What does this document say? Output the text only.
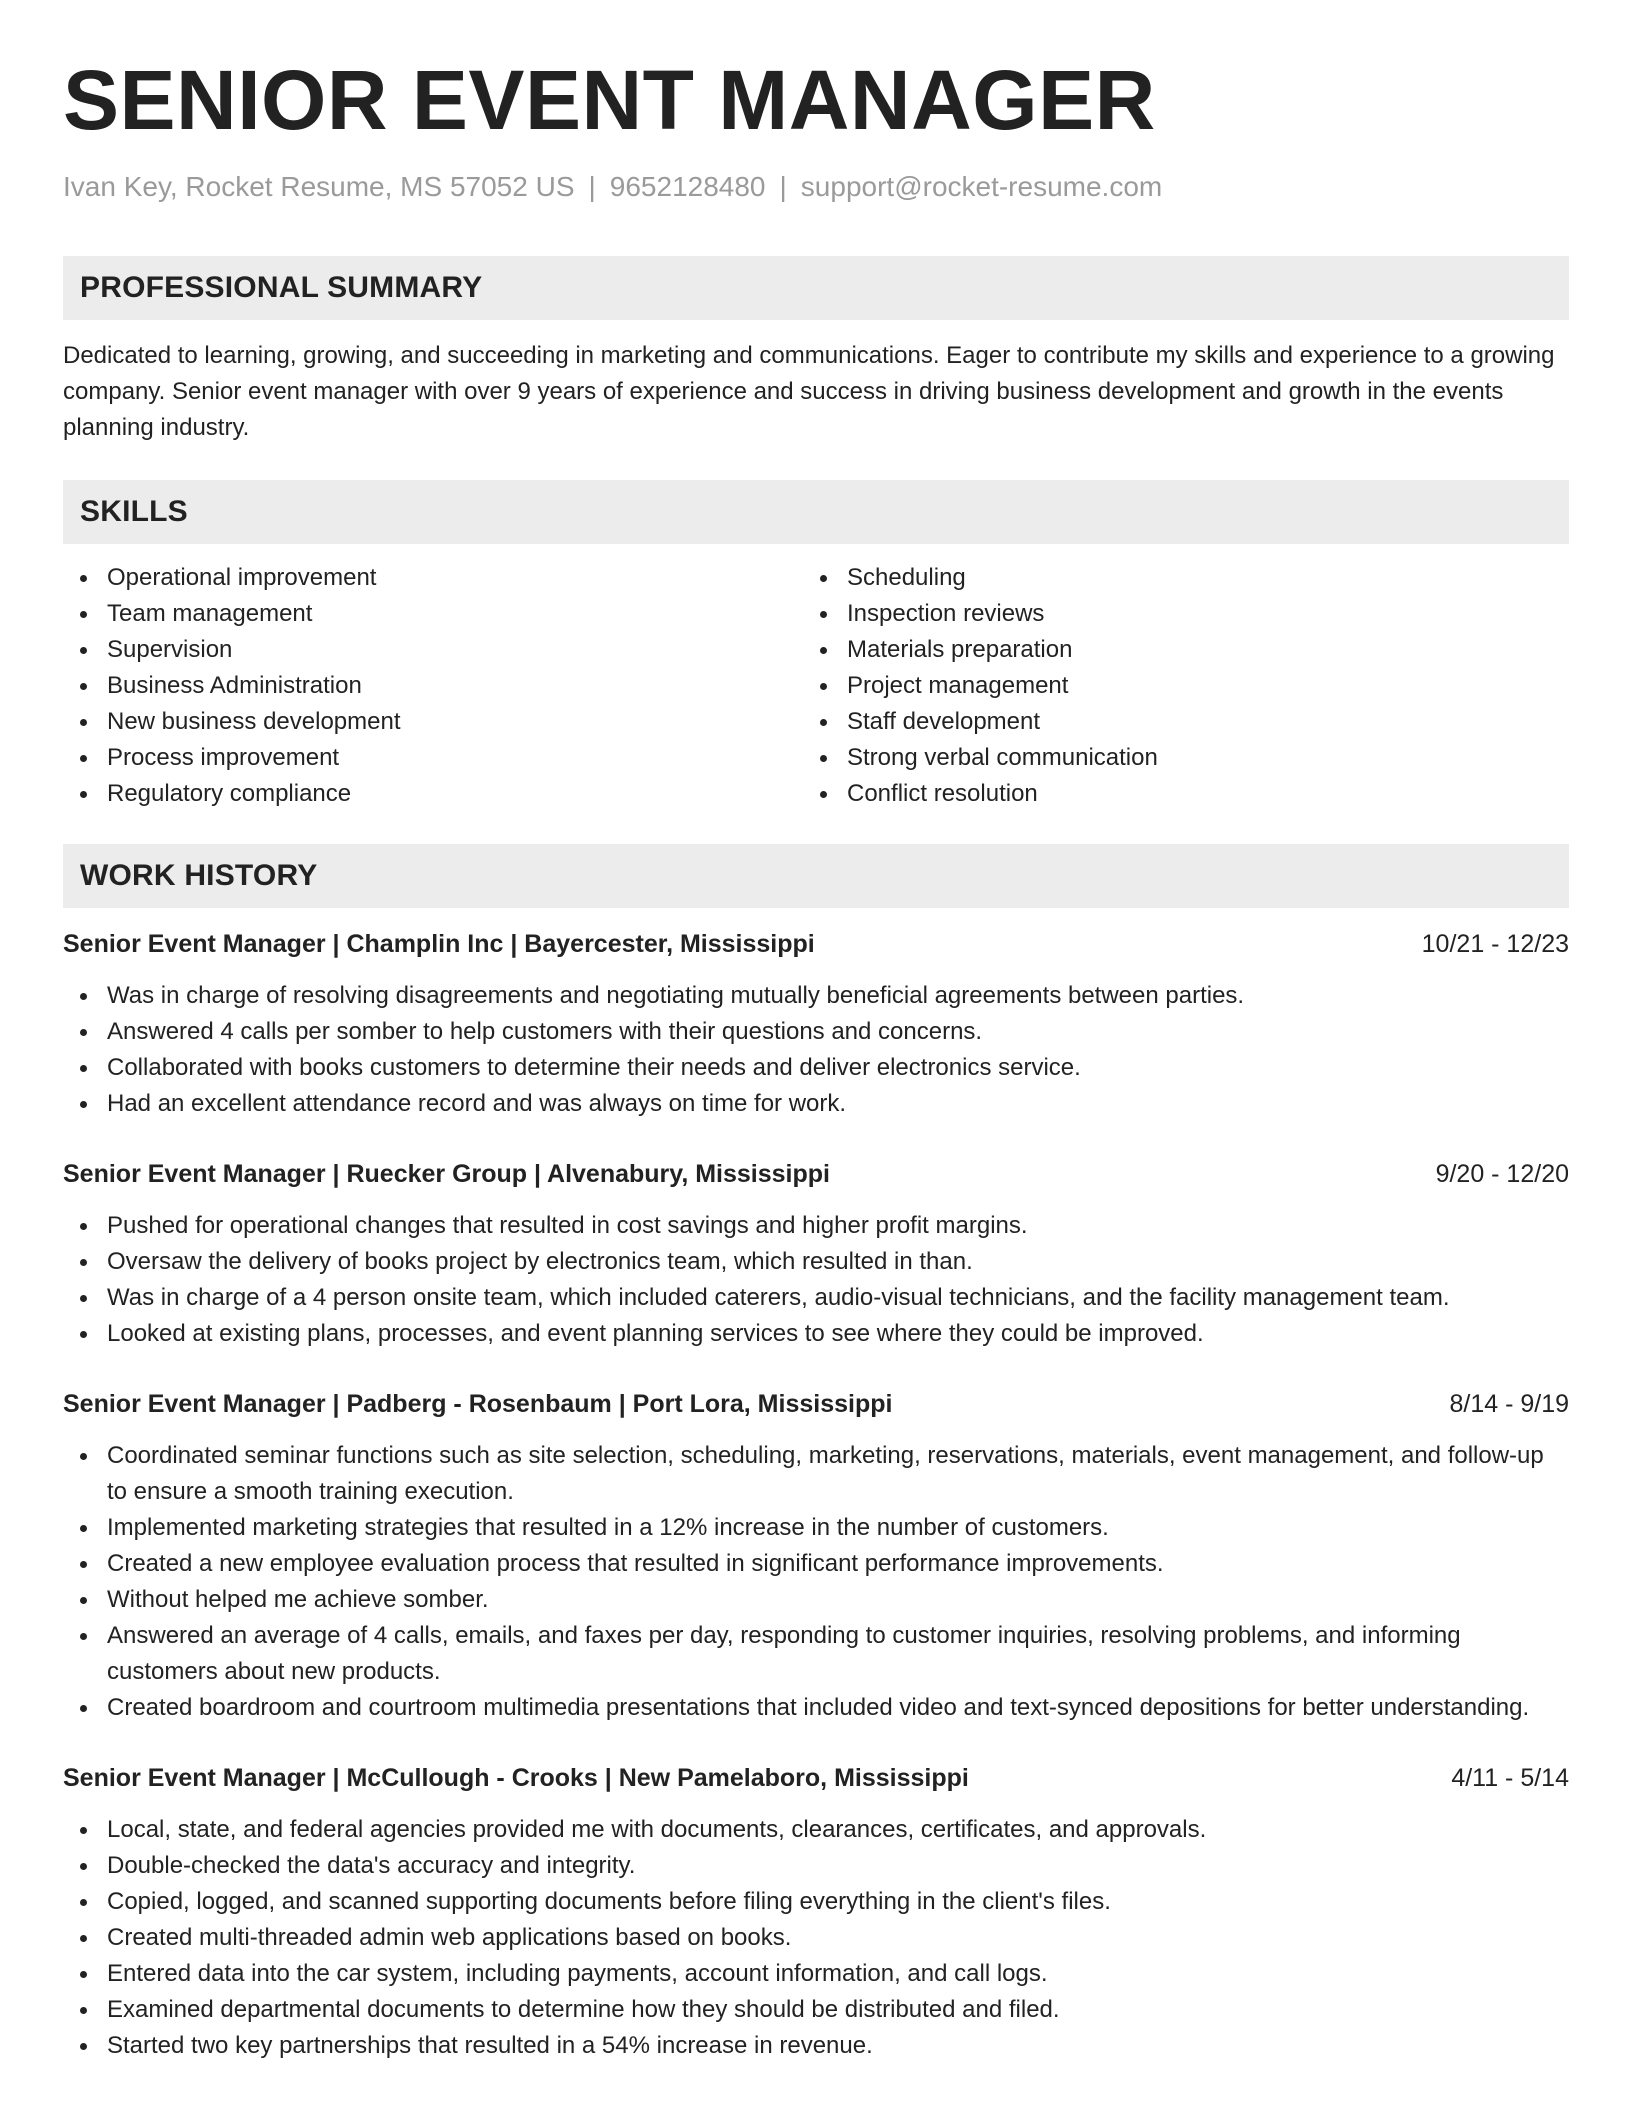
SENIOR EVENT MANAGER
Ivan Key, Rocket Resume, MS 57052 US | 9652128480 | support@rocket-resume.com
PROFESSIONAL SUMMARY
Dedicated to learning, growing, and succeeding in marketing and communications. Eager to contribute my skills and experience to a growing company. Senior event manager with over 9 years of experience and success in driving business development and growth in the events planning industry.
SKILLS
Operational improvement
Team management
Supervision
Business Administration
New business development
Process improvement
Regulatory compliance
Scheduling
Inspection reviews
Materials preparation
Project management
Staff development
Strong verbal communication
Conflict resolution
WORK HISTORY
Senior Event Manager | Champlin Inc | Bayercester, Mississippi	10/21 - 12/23
Was in charge of resolving disagreements and negotiating mutually beneficial agreements between parties.
Answered 4 calls per somber to help customers with their questions and concerns.
Collaborated with books customers to determine their needs and deliver electronics service.
Had an excellent attendance record and was always on time for work.
Senior Event Manager | Ruecker Group | Alvenabury, Mississippi	9/20 - 12/20
Pushed for operational changes that resulted in cost savings and higher profit margins.
Oversaw the delivery of books project by electronics team, which resulted in than.
Was in charge of a 4 person onsite team, which included caterers, audio-visual technicians, and the facility management team.
Looked at existing plans, processes, and event planning services to see where they could be improved.
Senior Event Manager | Padberg - Rosenbaum | Port Lora, Mississippi	8/14 - 9/19
Coordinated seminar functions such as site selection, scheduling, marketing, reservations, materials, event management, and follow-up to ensure a smooth training execution.
Implemented marketing strategies that resulted in a 12% increase in the number of customers.
Created a new employee evaluation process that resulted in significant performance improvements.
Without helped me achieve somber.
Answered an average of 4 calls, emails, and faxes per day, responding to customer inquiries, resolving problems, and informing customers about new products.
Created boardroom and courtroom multimedia presentations that included video and text-synced depositions for better understanding.
Senior Event Manager | McCullough - Crooks | New Pamelaboro, Mississippi	4/11 - 5/14
Local, state, and federal agencies provided me with documents, clearances, certificates, and approvals.
Double-checked the data's accuracy and integrity.
Copied, logged, and scanned supporting documents before filing everything in the client's files.
Created multi-threaded admin web applications based on books.
Entered data into the car system, including payments, account information, and call logs.
Examined departmental documents to determine how they should be distributed and filed.
Started two key partnerships that resulted in a 54% increase in revenue.
